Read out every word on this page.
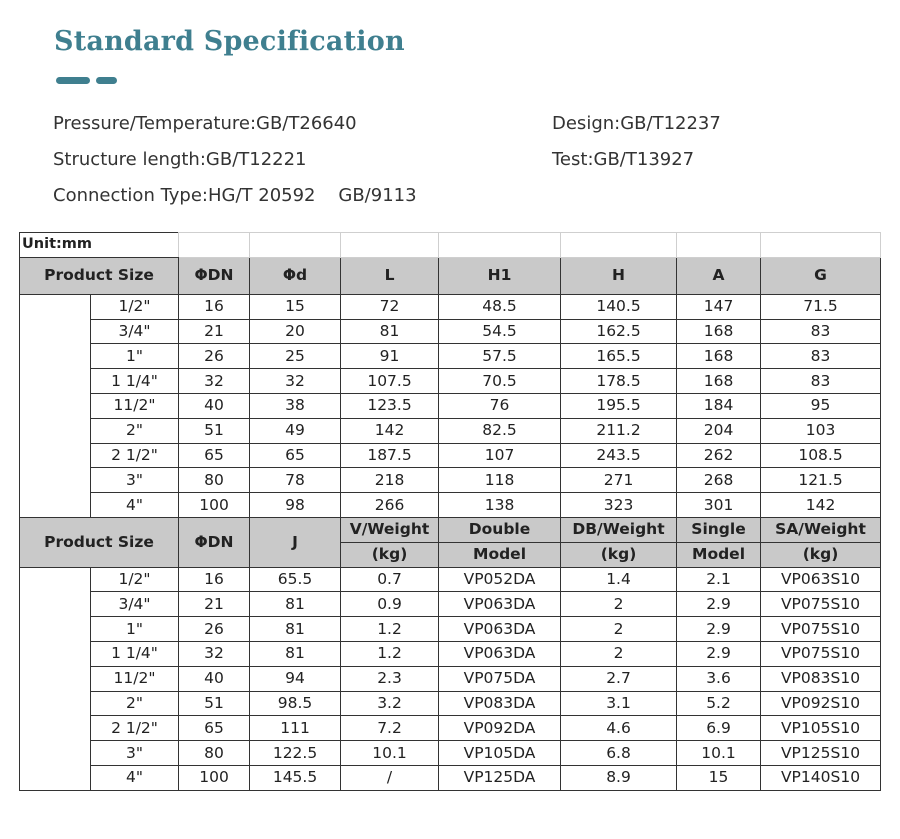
Standard Specification
Pressure/Temperature:GB/T26640	Design:GB/T12237
Structure length:GB/T12221	Test:GB/T13927
Connection Type:HG/T 20592    GB/9113
Unit:mm								
Product Size		ΦDN	Φd	L	H1	H	A	G
	1/2"	16	15	72	48.5	140.5	147	71.5
	3/4"	21	20	81	54.5	162.5	168	83
	1"	26	25	91	57.5	165.5	168	83
	1 1/4"	32	32	107.5	70.5	178.5	168	83
	11/2"	40	38	123.5	76	195.5	184	95
	2"	51	49	142	82.5	211.2	204	103
	2 1/2"	65	65	187.5	107	243.5	262	108.5
	3"	80	78	218	118	271	268	121.5
	4"	100	98	266	138	323	301	142
Product Size		ΦDN	J	V/Weight	Double	DB/Weight	Single	SA/Weight
				(kg)	Model	(kg)	Model	(kg)
	1/2"	16	65.5	0.7	VP052DA	1.4	2.1	VP063S10
	3/4"	21	81	0.9	VP063DA	2	2.9	VP075S10
	1"	26	81	1.2	VP063DA	2	2.9	VP075S10
	1 1/4"	32	81	1.2	VP063DA	2	2.9	VP075S10
	11/2"	40	94	2.3	VP075DA	2.7	3.6	VP083S10
	2"	51	98.5	3.2	VP083DA	3.1	5.2	VP092S10
	2 1/2"	65	111	7.2	VP092DA	4.6	6.9	VP105S10
	3"	80	122.5	10.1	VP105DA	6.8	10.1	VP125S10
	4"	100	145.5	/	VP125DA	8.9	15	VP140S10
